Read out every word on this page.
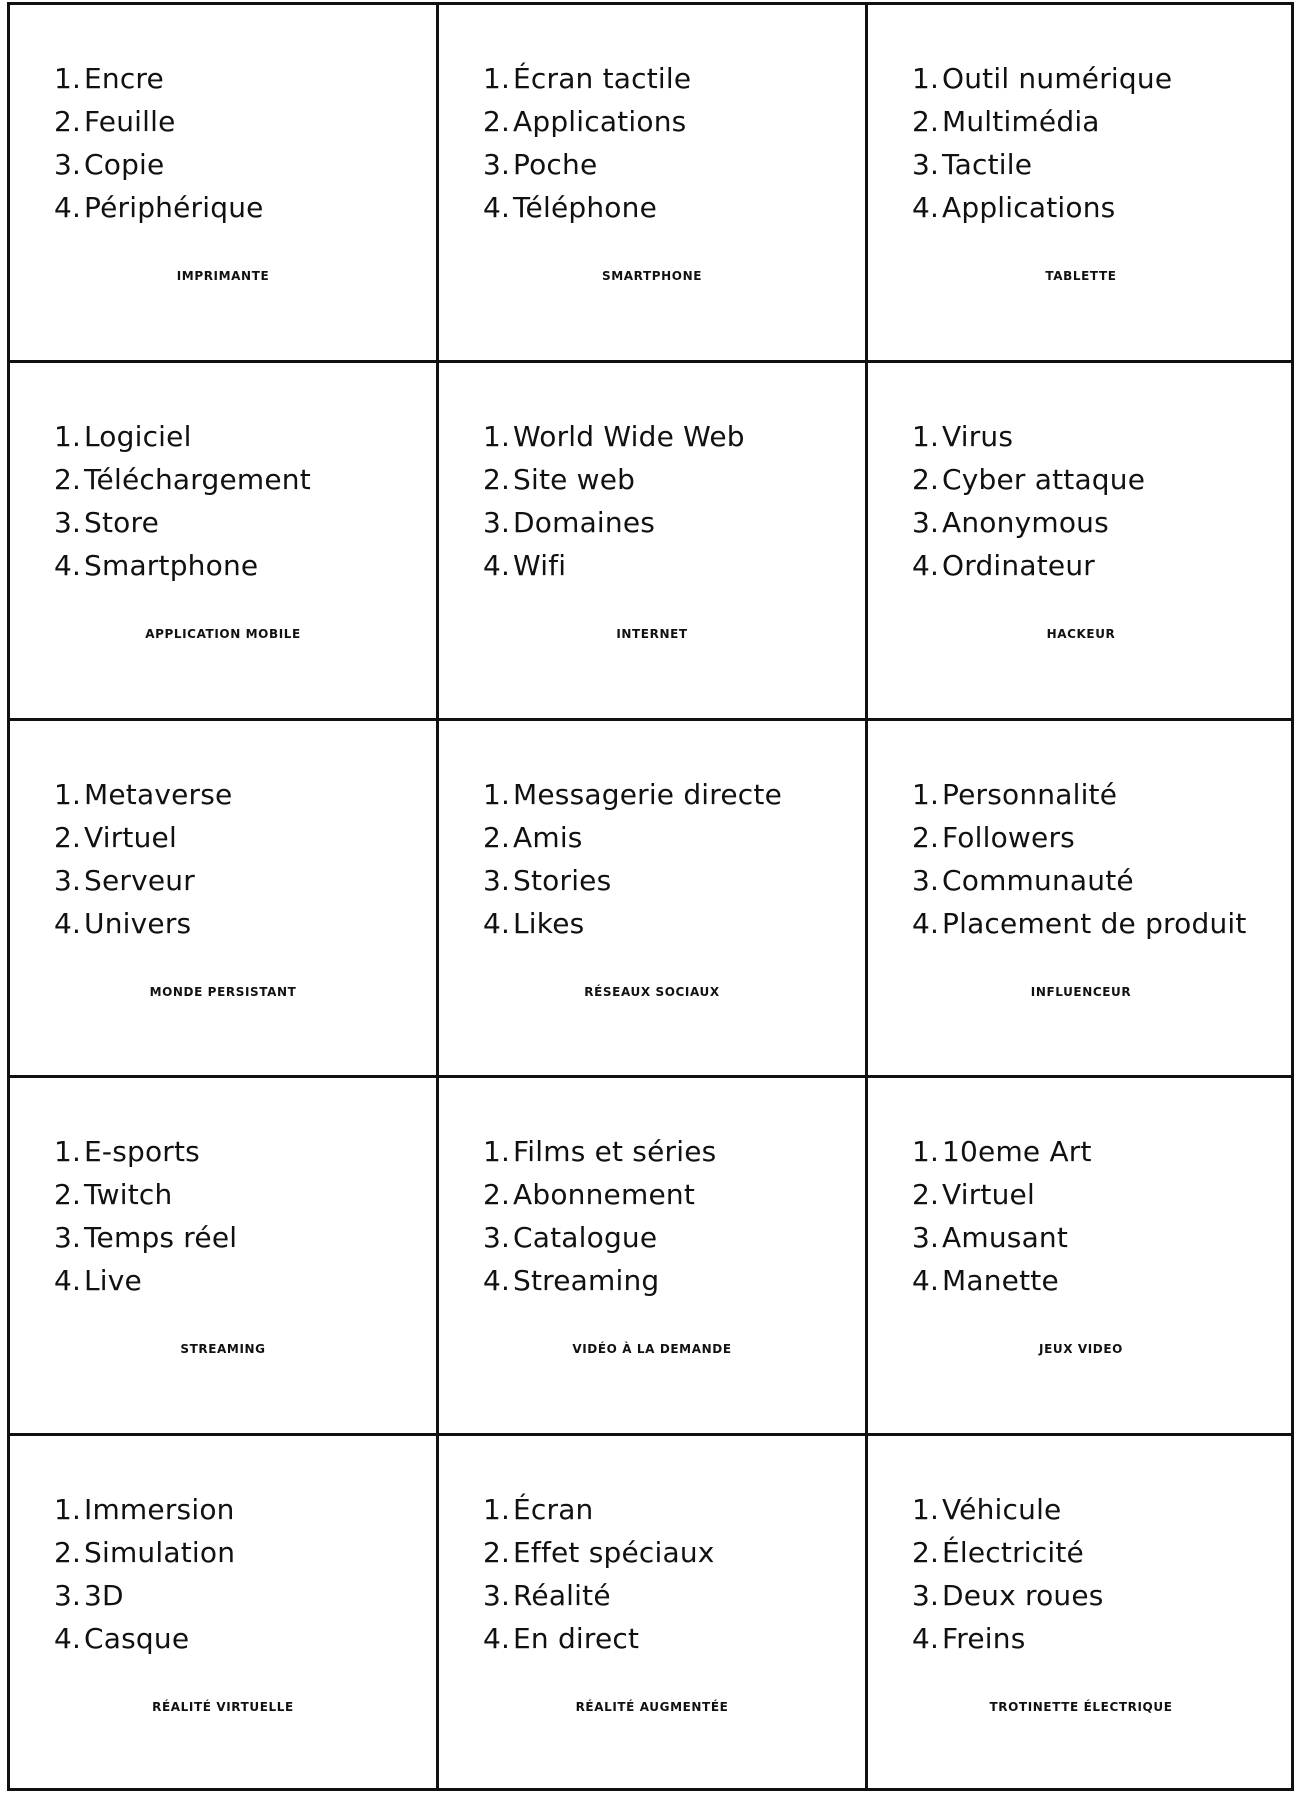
1. Encre
2. Feuille
3. Copie
4. Périphérique
IMPRIMANTE
1. Écran tactile
2. Applications
3. Poche
4. Téléphone
SMARTPHONE
1. Outil numérique
2. Multimédia
3. Tactile
4. Applications
TABLETTE
1. Logiciel
2. Téléchargement
3. Store
4. Smartphone
APPLICATION MOBILE
1. World Wide Web
2. Site web
3. Domaines
4. Wifi
INTERNET
1. Virus
2. Cyber attaque
3. Anonymous
4. Ordinateur
HACKEUR
1. Metaverse
2. Virtuel
3. Serveur
4. Univers
MONDE PERSISTANT
1. Messagerie directe
2. Amis
3. Stories
4. Likes
RÉSEAUX SOCIAUX
1. Personnalité
2. Followers
3. Communauté
4. Placement de produit
INFLUENCEUR
1. E-sports
2. Twitch
3. Temps réel
4. Live
STREAMING
1. Films et séries
2. Abonnement
3. Catalogue
4. Streaming
VIDÉO À LA DEMANDE
1. 10eme Art
2. Virtuel
3. Amusant
4. Manette
JEUX VIDEO
1. Immersion
2. Simulation
3. 3D
4. Casque
RÉALITÉ VIRTUELLE
1. Écran
2. Effet spéciaux
3. Réalité
4. En direct
RÉALITÉ AUGMENTÉE
1. Véhicule
2. Électricité
3. Deux roues
4. Freins
TROTINETTE ÉLECTRIQUE
